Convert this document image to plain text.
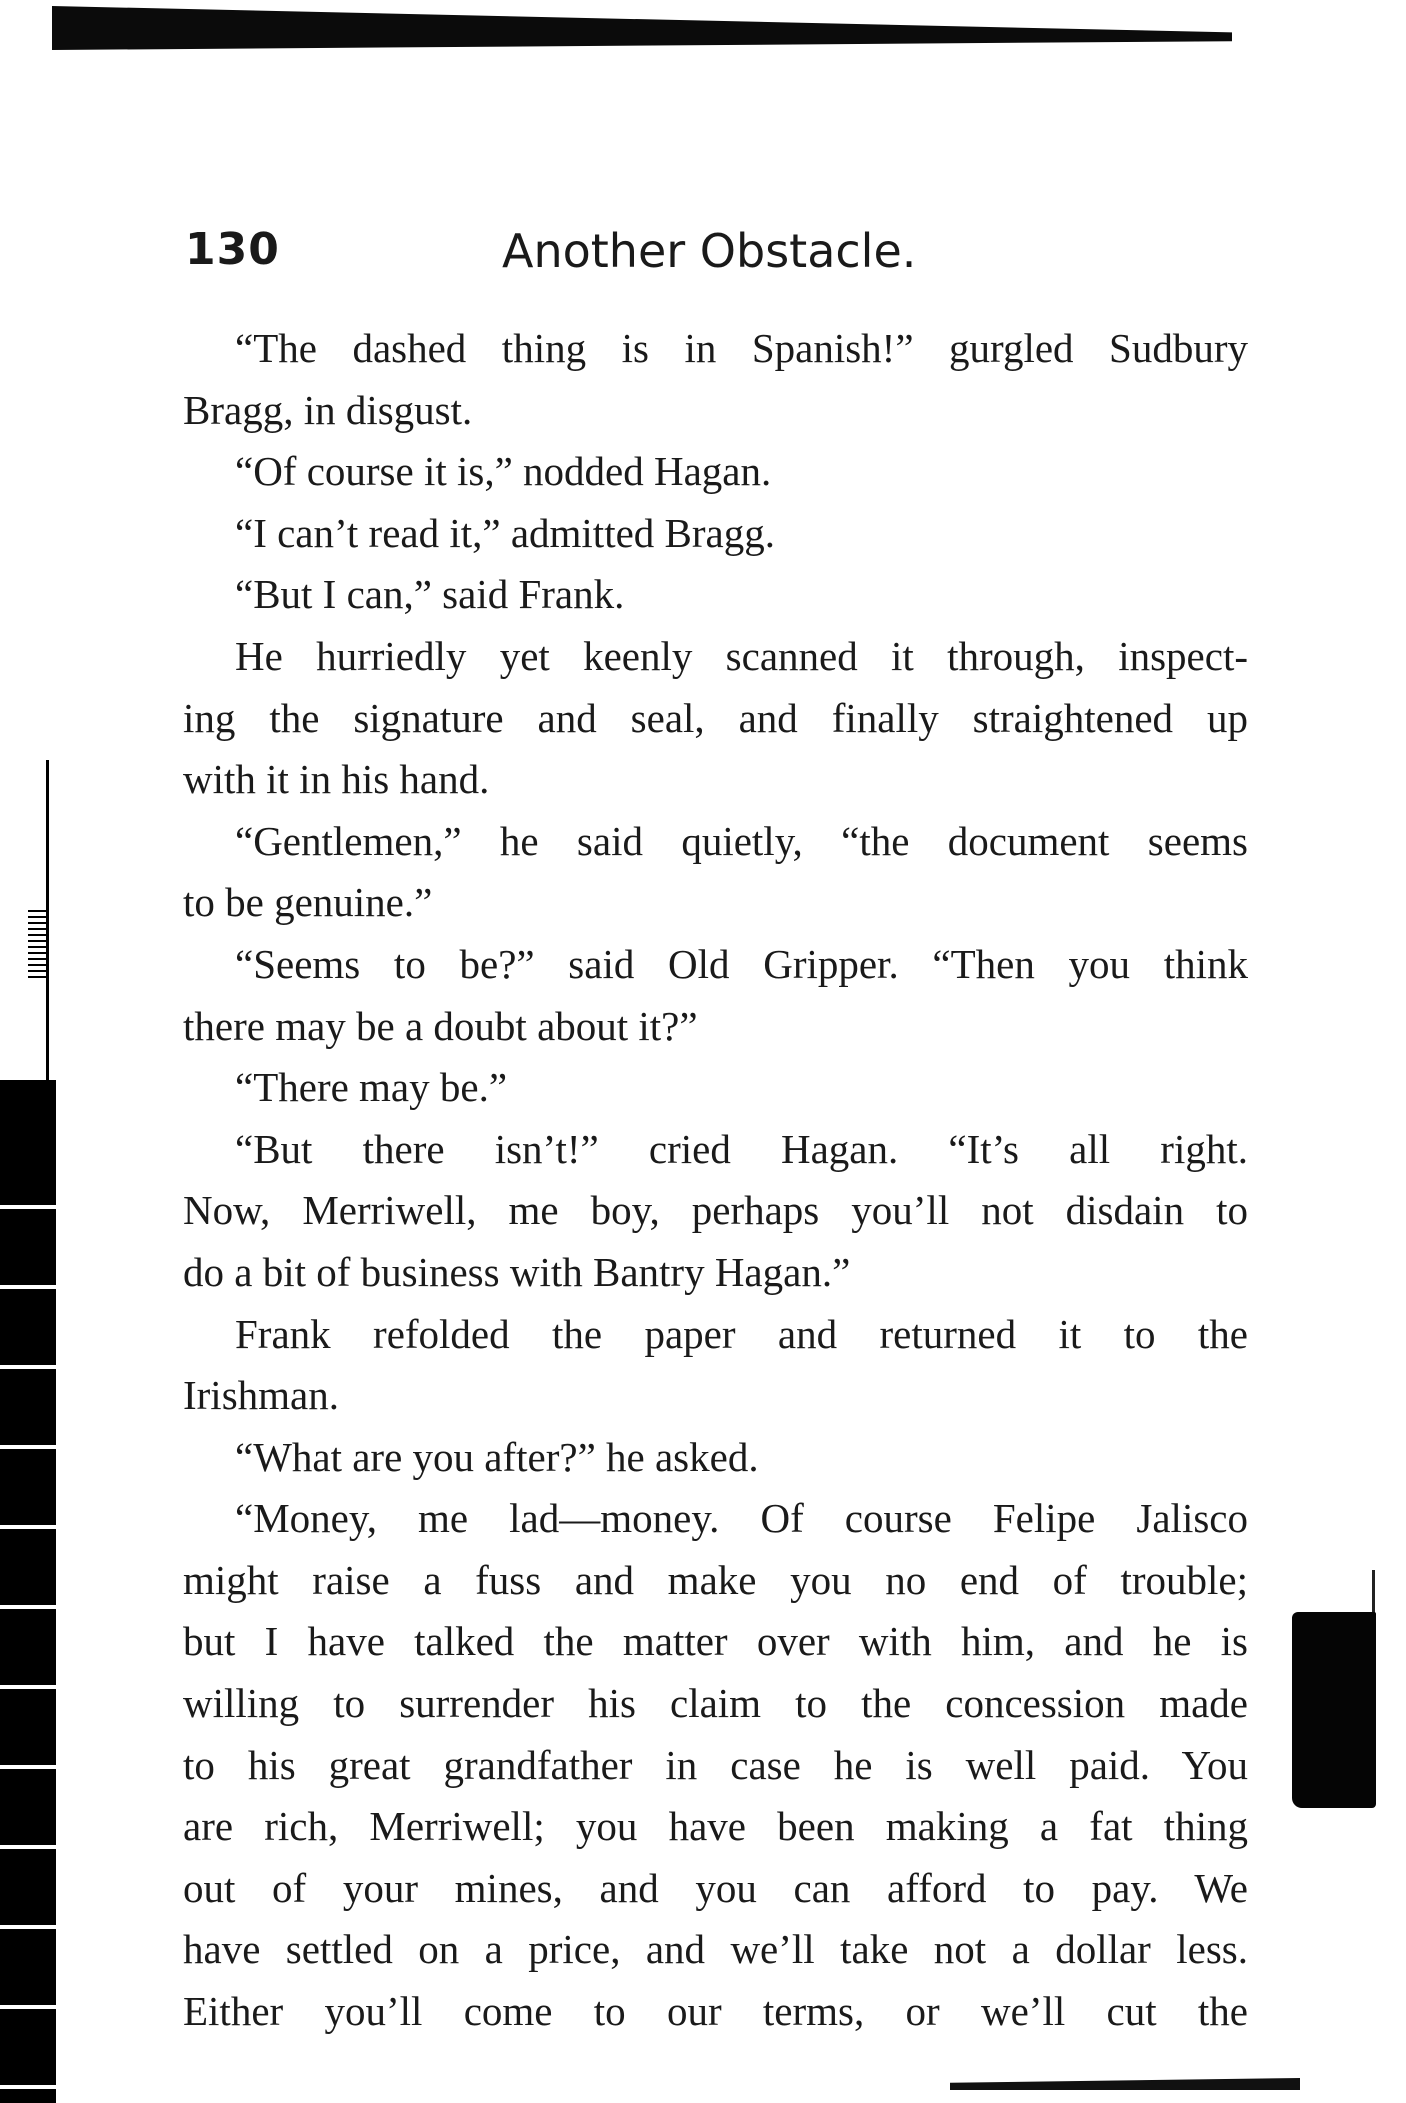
130	Another Obstacle.
“The dashed thing is in Spanish!” gurgled Sudbury
Bragg, in disgust.
“Of course it is,” nodded Hagan.
“I can’t read it,” admitted Bragg.
“But I can,” said Frank.
He hurriedly yet keenly scanned it through, inspect-
ing the signature and seal, and finally straightened up
with it in his hand.
“Gentlemen,” he said quietly, “the document seems
to be genuine.”
“Seems to be?” said Old Gripper. “Then you think
there may be a doubt about it?”
“There may be.”
“But there isn’t!” cried Hagan. “It’s all right.
Now, Merriwell, me boy, perhaps you’ll not disdain to
do a bit of business with Bantry Hagan.”
Frank refolded the paper and returned it to the
Irishman.
“What are you after?” he asked.
“Money, me lad—money. Of course Felipe Jalisco
might raise a fuss and make you no end of trouble;
but I have talked the matter over with him, and he is
willing to surrender his claim to the concession made
to his great grandfather in case he is well paid. You
are rich, Merriwell; you have been making a fat thing
out of your mines, and you can afford to pay. We
have settled on a price, and we’ll take not a dollar less.
Either you’ll come to our terms, or we’ll cut the
